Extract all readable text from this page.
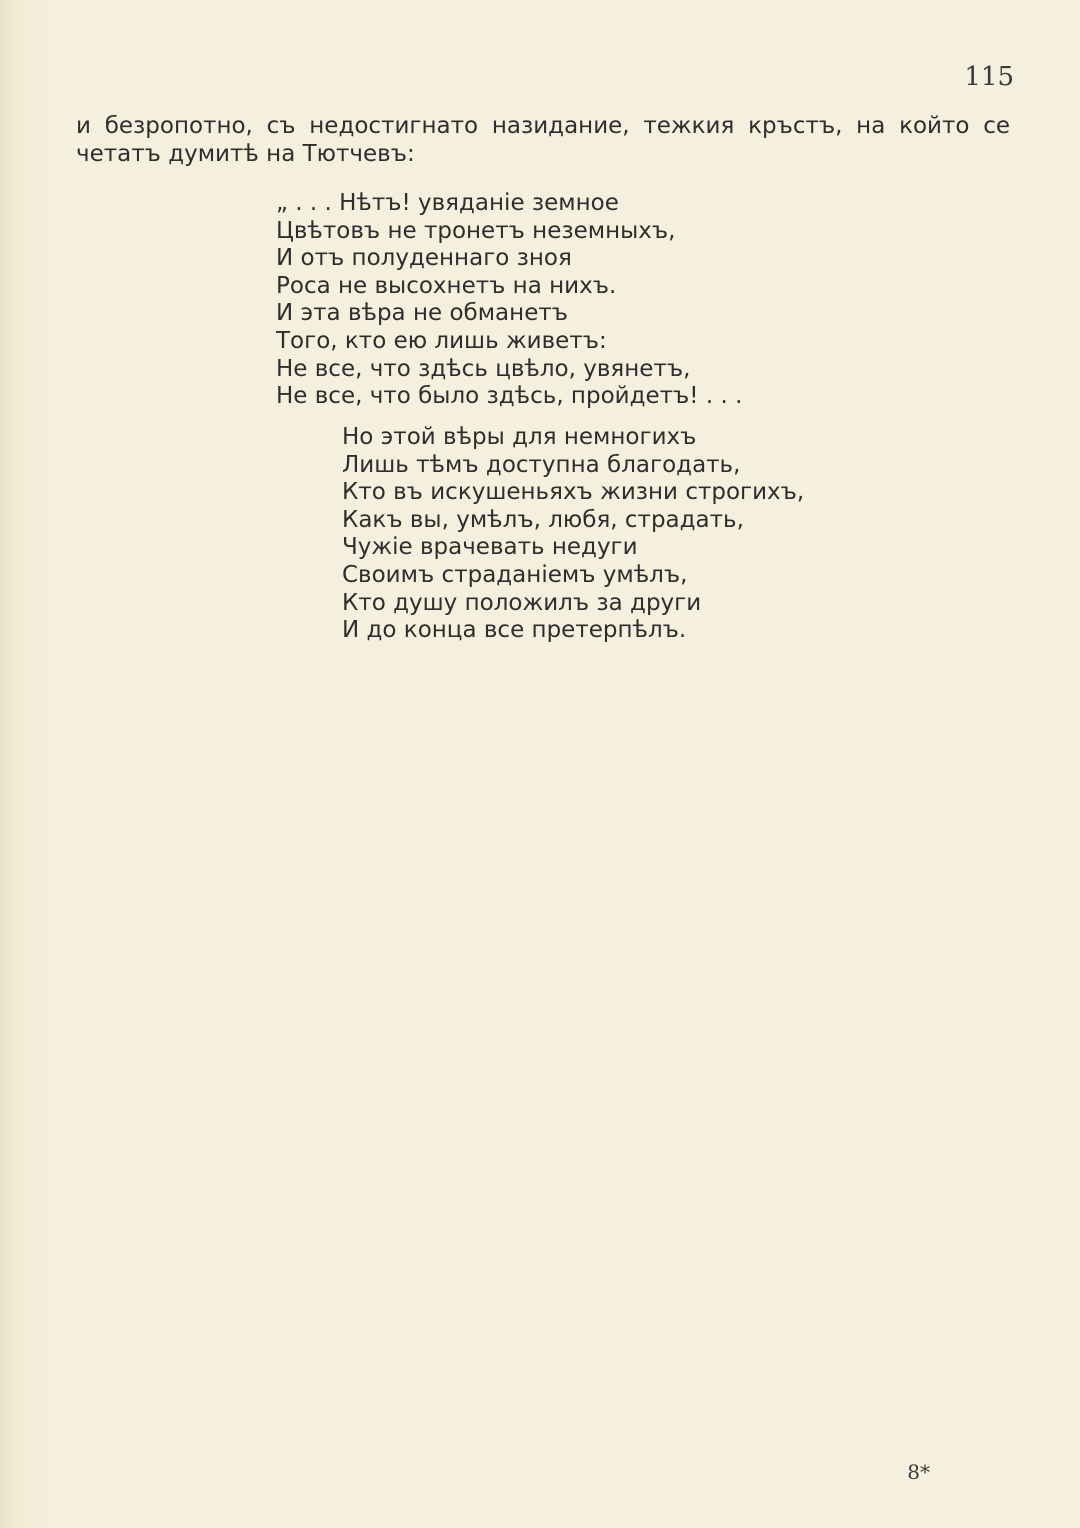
115
и безропотно, съ недостигнато назидание, тежкия кръстъ, на който се
четатъ думитѣ на Тютчевъ:
„ . . . Нѣтъ! увяданіе земное
Цвѣтовъ не тронетъ неземныхъ,
И отъ полуденнаго зноя
Роса не высохнетъ на нихъ.
И эта вѣра не обманетъ
Того, кто ею лишь живетъ:
Не все, что здѣсь цвѣло, увянетъ,
Не все, что было здѣсь, пройдетъ! . . .
Но этой вѣры для немногихъ
Лишь тѣмъ доступна благодать,
Кто въ искушеньяхъ жизни строгихъ,
Какъ вы, умѣлъ, любя, страдать,
Чужіе врачевать недуги
Своимъ страданіемъ умѣлъ,
Кто душу положилъ за други
И до конца все претерпѣлъ.
8*
